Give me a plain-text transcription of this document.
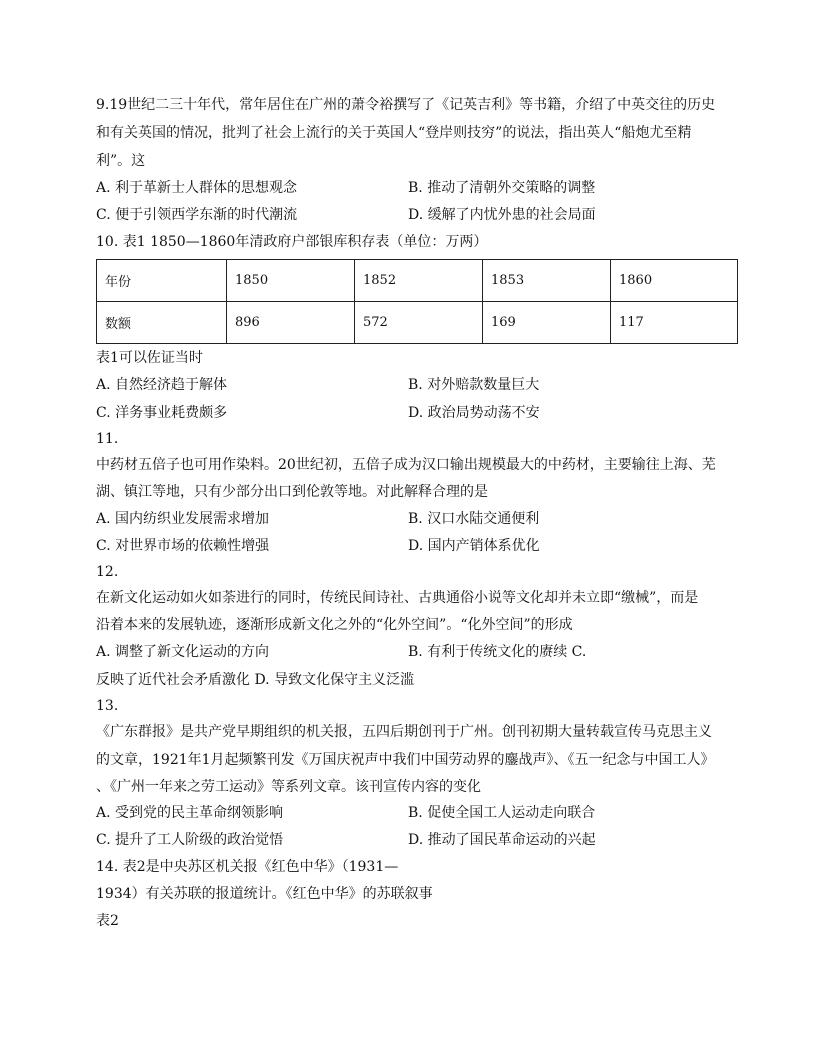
9.19世纪二三十年代，常年居住在广州的萧令裕撰写了《记英吉利》等书籍，介绍了中英交往的历史
和有关英国的情况，批判了社会上流行的关于英国人“登岸则技穷”的说法，指出英人“船炮尤至精
利”。这
A. 利于革新士人群体的思想观念	B. 推动了清朝外交策略的调整
C. 便于引领西学东渐的时代潮流	D. 缓解了内忧外患的社会局面
10. 表1 1850—1860年清政府户部银库积存表（单位：万两）
年份	1850	1852	1853	1860
数额	896	572	169	117
表1可以佐证当时
A. 自然经济趋于解体	B. 对外赔款数量巨大
C. 洋务事业耗费颇多	D. 政治局势动荡不安
11.
中药材五倍子也可用作染料。20世纪初，五倍子成为汉口输出规模最大的中药材，主要输往上海、芜
湖、镇江等地，只有少部分出口到伦敦等地。对此解释合理的是
A. 国内纺织业发展需求增加	B. 汉口水陆交通便利
C. 对世界市场的依赖性增强	D. 国内产销体系优化
12.
在新文化运动如火如荼进行的同时，传统民间诗社、古典通俗小说等文化却并未立即“缴械”，而是
沿着本来的发展轨迹，逐渐形成新文化之外的“化外空间”。“化外空间”的形成
A. 调整了新文化运动的方向	B. 有利于传统文化的赓续 C.
反映了近代社会矛盾激化 D. 导致文化保守主义泛滥
13.
《广东群报》是共产党早期组织的机关报，五四后期创刊于广州。创刊初期大量转载宣传马克思主义
的文章，1921年1月起频繁刊发《万国庆祝声中我们中国劳动界的鏖战声》、《五一纪念与中国工人》
、《广州一年来之劳工运动》等系列文章。该刊宣传内容的变化
A. 受到党的民主革命纲领影响	B. 促使全国工人运动走向联合
C. 提升了工人阶级的政治觉悟	D. 推动了国民革命运动的兴起
14. 表2是中央苏区机关报《红色中华》（1931—
1934）有关苏联的报道统计。《红色中华》的苏联叙事
表2
